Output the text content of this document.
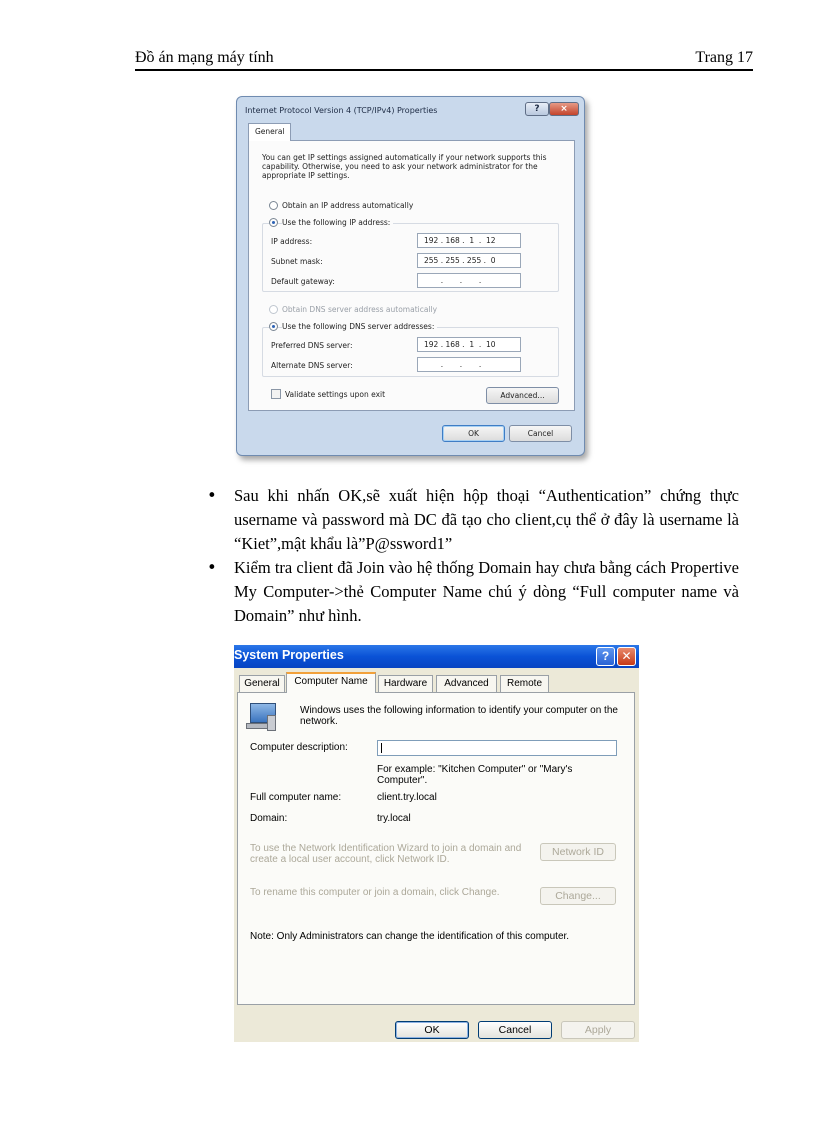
Đồ án mạng máy tính	Trang 17
Internet Protocol Version 4 (TCP/IPv4) Properties	?	×
General
You can get IP settings assigned automatically if your network supports this capability. Otherwise, you need to ask your network administrator for the appropriate IP settings.
Obtain an IP address automatically
Use the following IP address:
IP address:	192 . 168 .  1  .  12
Subnet mask:	255 . 255 . 255 .  0
Default gateway:	.       .       .
Obtain DNS server address automatically
Use the following DNS server addresses:
Preferred DNS server:	192 . 168 .  1  .  10
Alternate DNS server:	.       .       .
Validate settings upon exit	Advanced...
OK	Cancel
• Sau khi nhấn OK,sẽ xuất hiện hộp thoại “Authentication” chứng thực username và password mà DC đã tạo cho client,cụ thể ở đây là username là “Kiet”,mật khẩu là”P@ssword1”
• Kiểm tra client đã Join vào hệ thống Domain hay chưa bằng cách Propertive My Computer->thẻ Computer Name chú ý dòng “Full computer name và Domain” như hình.
System Properties	?	✕
General	Computer Name	Hardware	Advanced	Remote
Windows uses the following information to identify your computer on the network.
Computer description:
For example: "Kitchen Computer" or "Mary's Computer".
Full computer name:	client.try.local
Domain:	try.local
To use the Network Identification Wizard to join a domain and create a local user account, click Network ID.
Network ID
To rename this computer or join a domain, click Change.	Change...
Note: Only Administrators can change the identification of this computer.
OK	Cancel	Apply
